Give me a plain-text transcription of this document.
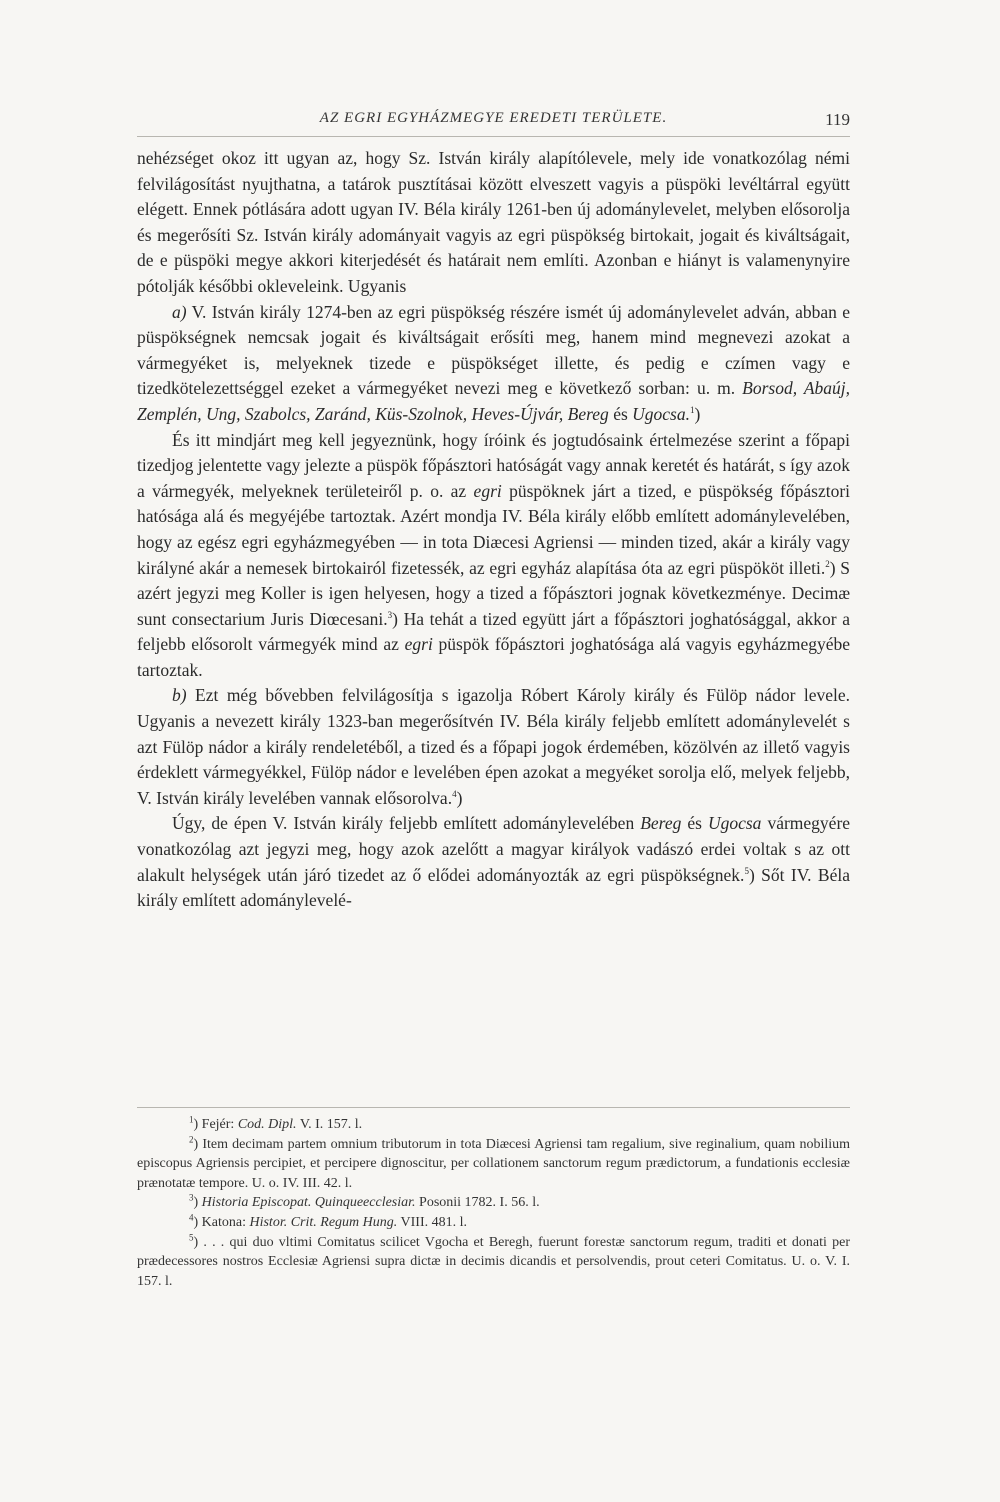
AZ EGRI EGYHÁZMEGYE EREDETI TERÜLETE.	119

nehézséget okoz itt ugyan az, hogy Sz. István király alapítólevele, mely ide vonatkozólag némi felvilágosítást nyujthatna, a tatárok pusztításai között elveszett vagyis a püspöki levéltárral együtt elégett. Ennek pótlására adott ugyan IV. Béla király 1261-ben új adománylevelet, melyben elősorolja és megerősíti Sz. István király adományait vagyis az egri püspökség birtokait, jogait és kiváltságait, de e püspöki megye akkori kiterjedését és határait nem említi. Azonban e hiányt is valamenynyire pótolják későbbi okleveleink. Ugyanis

a) V. István király 1274-ben az egri püspökség részére ismét új adománylevelet adván, abban e püspökségnek nemcsak jogait és kiváltságait erősíti meg, hanem mind megnevezi azokat a vármegyéket is, melyeknek tizede e püspökséget illette, és pedig e czímen vagy e tizedkötelezettséggel ezeket a vármegyéket nevezi meg e következő sorban: u. m. Borsod, Abaúj, Zemplén, Ung, Szabolcs, Zaránd, Küs-Szolnok, Heves-Újvár, Bereg és Ugocsa.$^1$)

És itt mindjárt meg kell jegyeznünk, hogy íróink és jogtudósaink értelmezése szerint a főpapi tizedjog jelentette vagy jelezte a püspök főpásztori hatóságát vagy annak keretét és határát, s így azok a vármegyék, melyeknek területeiről p. o. az egri püspöknek járt a tized, e püspökség főpásztori hatósága alá és megyéjébe tartoztak. Azért mondja IV. Béla király előbb említett adománylevelében, hogy az egész egri egyházmegyében — in tota Diæcesi Agriensi — minden tized, akár a király vagy királyné akár a nemesek birtokairól fizetessék, az egri egyház alapítása óta az egri püspököt illeti.$^2$) S azért jegyzi meg Koller is igen helyesen, hogy a tized a főpásztori jognak következménye. Decimæ sunt consectarium Juris Diœcesani.$^3$) Ha tehát a tized együtt járt a főpásztori joghatósággal, akkor a feljebb elősorolt vármegyék mind az egri püspök főpásztori joghatósága alá vagyis egyházmegyébe tartoztak.

b) Ezt még bővebben felvilágosítja s igazolja Róbert Károly király és Fülöp nádor levele. Ugyanis a nevezett király 1323-ban megerősítvén IV. Béla király feljebb említett adománylevelét s azt Fülöp nádor a király rendeletéből, a tized és a főpapi jogok érdemében, közölvén az illető vagyis érdeklett vármegyékkel, Fülöp nádor e levelében épen azokat a megyéket sorolja elő, melyek feljebb, V. István király levelében vannak elősorolva.$^4$)

Úgy, de épen V. István király feljebb említett adománylevelében Bereg és Ugocsa vármegyére vonatkozólag azt jegyzi meg, hogy azok azelőtt a magyar királyok vadászó erdei voltak s az ott alakult helységek után járó tizedet az ő elődei adományozták az egri püspökségnek.$^5$) Sőt IV. Béla király említett adománylevelé-

$^1$) Fejér: Cod. Dipl. V. I. 157. l.

$^2$) Item decimam partem omnium tributorum in tota Diæcesi Agriensi tam regalium, sive reginalium, quam nobilium episcopus Agriensis percipiet, et percipere dignoscitur, per collationem sanctorum regum prædictorum, a fundationis ecclesiæ prænotatæ tempore. U. o. IV. III. 42. l.

$^3$) Historia Episcopat. Quinqueecclesiar. Posonii 1782. I. 56. l.

$^4$) Katona: Histor. Crit. Regum Hung. VIII. 481. l.

$^5$) . . . qui duo vltimi Comitatus scilicet Vgocha et Beregh, fuerunt forestæ sanctorum regum, traditi et donati per prædecessores nostros Ecclesiæ Agriensi supra dictæ in decimis dicandis et persolvendis, prout ceteri Comitatus. U. o. V. I. 157. l.
